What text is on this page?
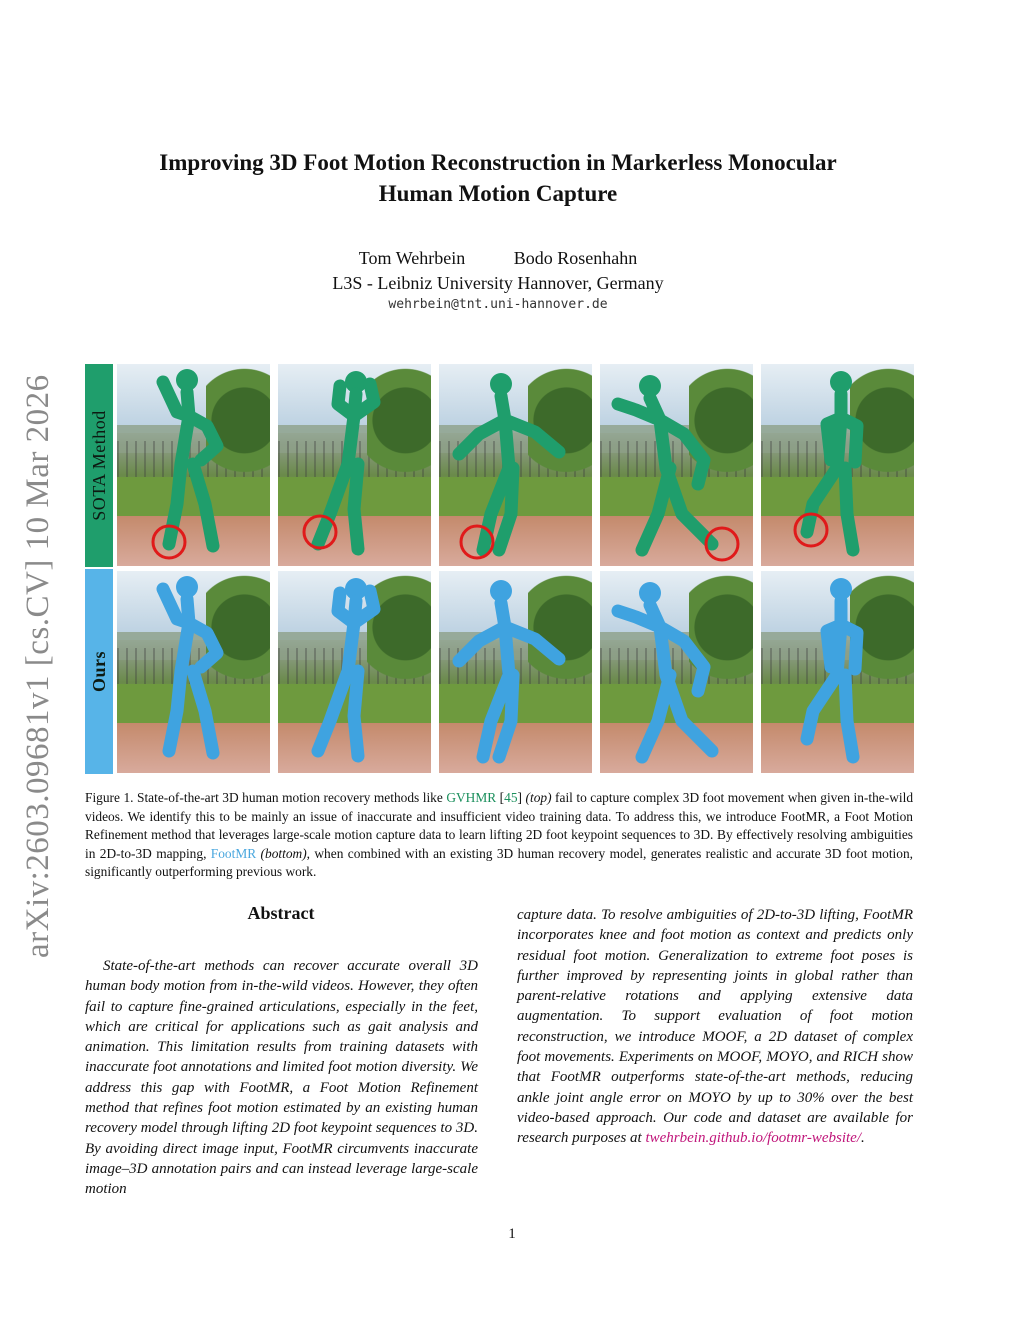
arXiv:2603.09681v1 [cs.CV] 10 Mar 2026
Improving 3D Foot Motion Reconstruction in Markerless Monocular
Human Motion Capture
Tom Wehrbein	Bodo Rosenhahn
L3S - Leibniz University Hannover, Germany
wehrbein@tnt.uni-hannover.de
SOTA Method
Ours
Figure 1. State-of-the-art 3D human motion recovery methods like GVHMR [45] (top) fail to capture complex 3D foot movement when given in-the-wild videos. We identify this to be mainly an issue of inaccurate and insufficient video training data. To address this, we introduce FootMR, a Foot Motion Refinement method that leverages large-scale motion capture data to learn lifting 2D foot keypoint sequences to 3D. By effectively resolving ambiguities in 2D-to-3D mapping, FootMR (bottom), when combined with an existing 3D human recovery model, generates realistic and accurate 3D foot motion, significantly outperforming previous work.
Abstract
State-of-the-art methods can recover accurate overall 3D human body motion from in-the-wild videos. However, they often fail to capture fine-grained articulations, especially in the feet, which are critical for applications such as gait analysis and animation. This limitation results from training datasets with inaccurate foot annotations and limited foot motion diversity. We address this gap with FootMR, a Foot Motion Refinement method that refines foot motion estimated by an existing human recovery model through lifting 2D foot keypoint sequences to 3D. By avoiding direct image input, FootMR circumvents inaccurate image–3D annotation pairs and can instead leverage large-scale motion
capture data. To resolve ambiguities of 2D-to-3D lifting, FootMR incorporates knee and foot motion as context and predicts only residual foot motion. Generalization to extreme foot poses is further improved by representing joints in global rather than parent-relative rotations and applying extensive data augmentation. To support evaluation of foot motion reconstruction, we introduce MOOF, a 2D dataset of complex foot movements. Experiments on MOOF, MOYO, and RICH show that FootMR outperforms state-of-the-art methods, reducing ankle joint angle error on MOYO by up to 30% over the best video-based approach. Our code and dataset are available for research purposes at twehrbein.github.io/footmr-website/.
1
